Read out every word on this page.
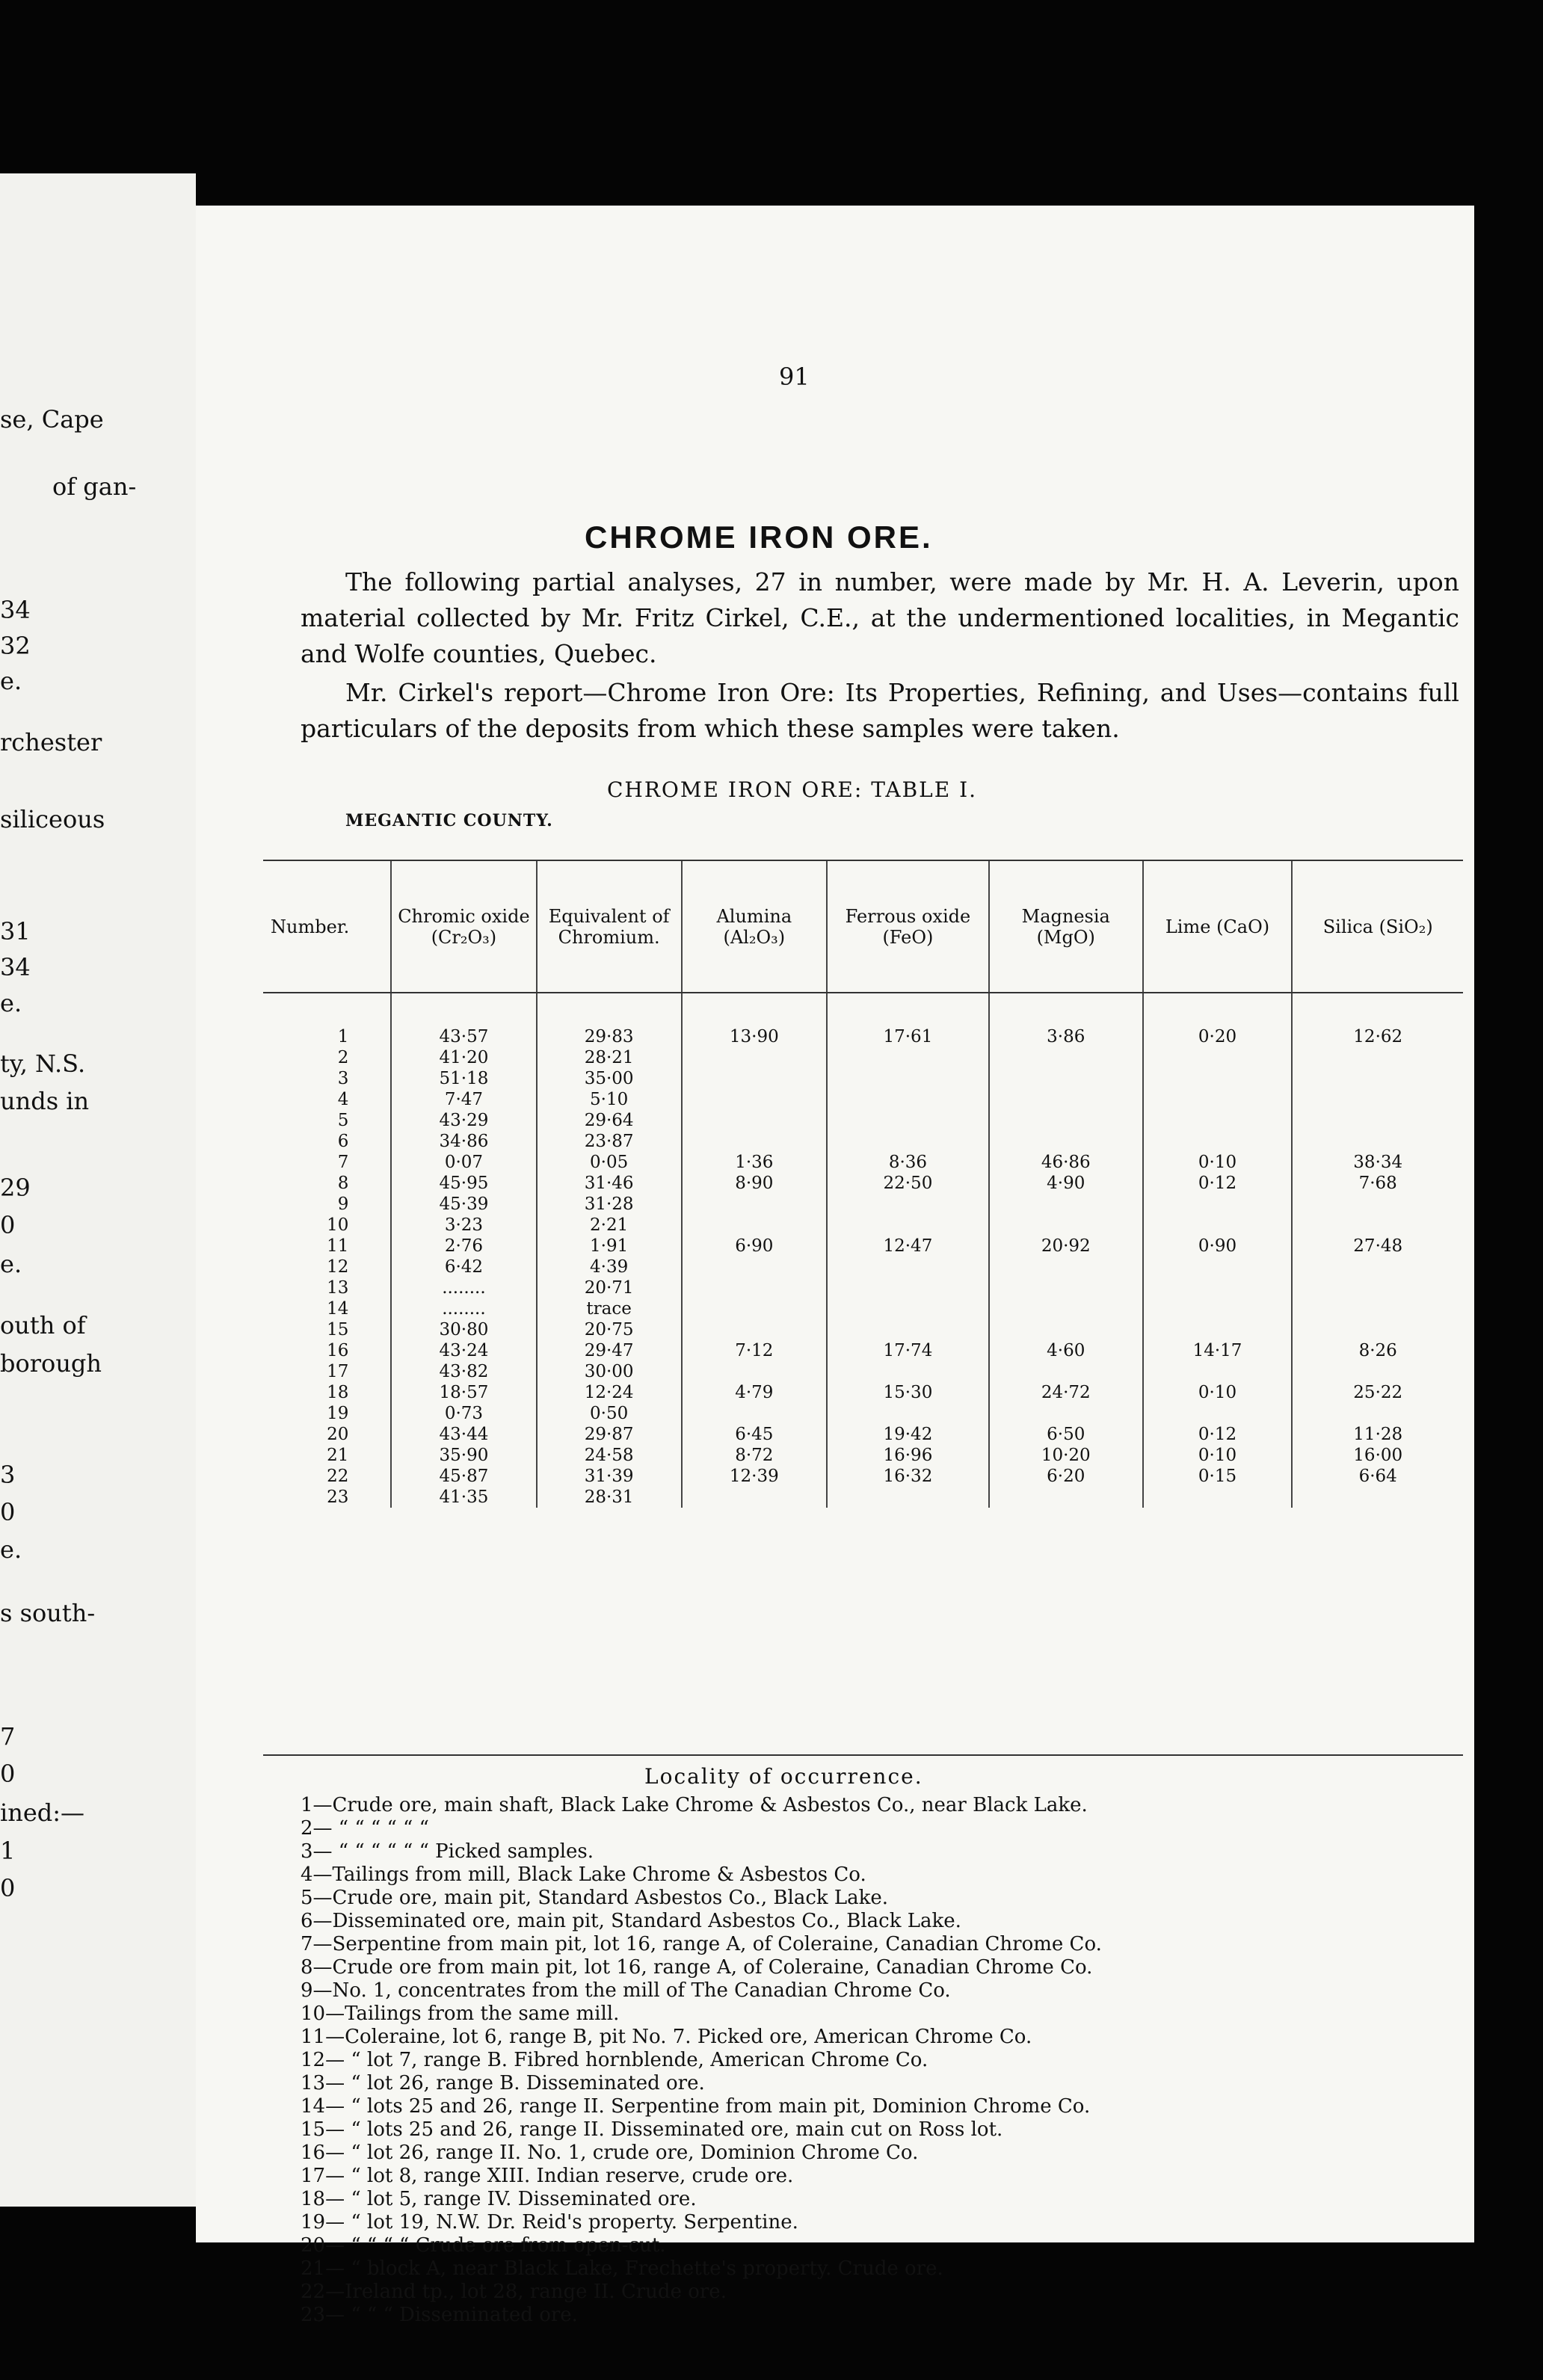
se, Cape
of gan-
34
32
e.
rchester
siliceous
31
34
e.
ty, N.S.
unds in
29
0
e.
outh of
borough
3
0
e.
s south-
7
0
ined:—
1
0
91
CHROME IRON ORE.

The following partial analyses, 27 in number, were made by Mr. H. A. Leverin, upon material collected by Mr. Fritz Cirkel, C.E., at the undermentioned localities, in Megantic and Wolfe counties, Quebec.

Mr. Cirkel's report—Chrome Iron Ore: Its Properties, Refining, and Uses—contains full particulars of the deposits from which these samples were taken.

CHROME IRON ORE: TABLE I.
MEGANTIC COUNTY.
Number.	Chromic oxide (Cr₂O₃)	Equivalent of Chromium.	Alumina (Al₂O₃)	Ferrous oxide (FeO)	Magnesia (MgO)	Lime (CaO)	Silica (SiO₂)
1	43·57	29·83	13·90	17·61	3·86	0·20	12·62
2	41·20	28·21					
3	51·18	35·00					
4	7·47	5·10					
5	43·29	29·64					
6	34·86	23·87					
7	0·07	0·05	1·36	8·36	46·86	0·10	38·34
8	45·95	31·46	8·90	22·50	4·90	0·12	7·68
9	45·39	31·28					
10	3·23	2·21					
11	2·76	1·91	6·90	12·47	20·92	0·90	27·48
12	6·42	4·39					
13	........	20·71					
14	........	trace					
15	30·80	20·75					
16	43·24	29·47	7·12	17·74	4·60	14·17	8·26
17	43·82	30·00					
18	18·57	12·24	4·79	15·30	24·72	0·10	25·22
19	0·73	0·50					
20	43·44	29·87	6·45	19·42	6·50	0·12	11·28
21	35·90	24·58	8·72	16·96	10·20	0·10	16·00
22	45·87	31·39	12·39	16·32	6·20	0·15	6·64
23	41·35	28·31					
Locality of occurrence.
1—Crude ore, main shaft, Black Lake Chrome & Asbestos Co., near Black Lake.
2— “ “ “ “ “ “
3— “ “ “ “ “ “ Picked samples.
4—Tailings from mill, Black Lake Chrome & Asbestos Co.
5—Crude ore, main pit, Standard Asbestos Co., Black Lake.
6—Disseminated ore, main pit, Standard Asbestos Co., Black Lake.
7—Serpentine from main pit, lot 16, range A, of Coleraine, Canadian Chrome Co.
8—Crude ore from main pit, lot 16, range A, of Coleraine, Canadian Chrome Co.
9—No. 1, concentrates from the mill of The Canadian Chrome Co.
10—Tailings from the same mill.
11—Coleraine, lot 6, range B, pit No. 7. Picked ore, American Chrome Co.
12— “ lot 7, range B. Fibred hornblende, American Chrome Co.
13— “ lot 26, range B. Disseminated ore.
14— “ lots 25 and 26, range II. Serpentine from main pit, Dominion Chrome Co.
15— “ lots 25 and 26, range II. Disseminated ore, main cut on Ross lot.
16— “ lot 26, range II. No. 1, crude ore, Dominion Chrome Co.
17— “ lot 8, range XIII. Indian reserve, crude ore.
18— “ lot 5, range IV. Disseminated ore.
19— “ lot 19, N.W. Dr. Reid's property. Serpentine.
20— “ “ “ “ Crude ore from open-cut.
21— “ block A, near Black Lake, Frechette's property. Crude ore.
22—Ireland tp., lot 28, range II. Crude ore.
23— “ “ “ Disseminated ore.
